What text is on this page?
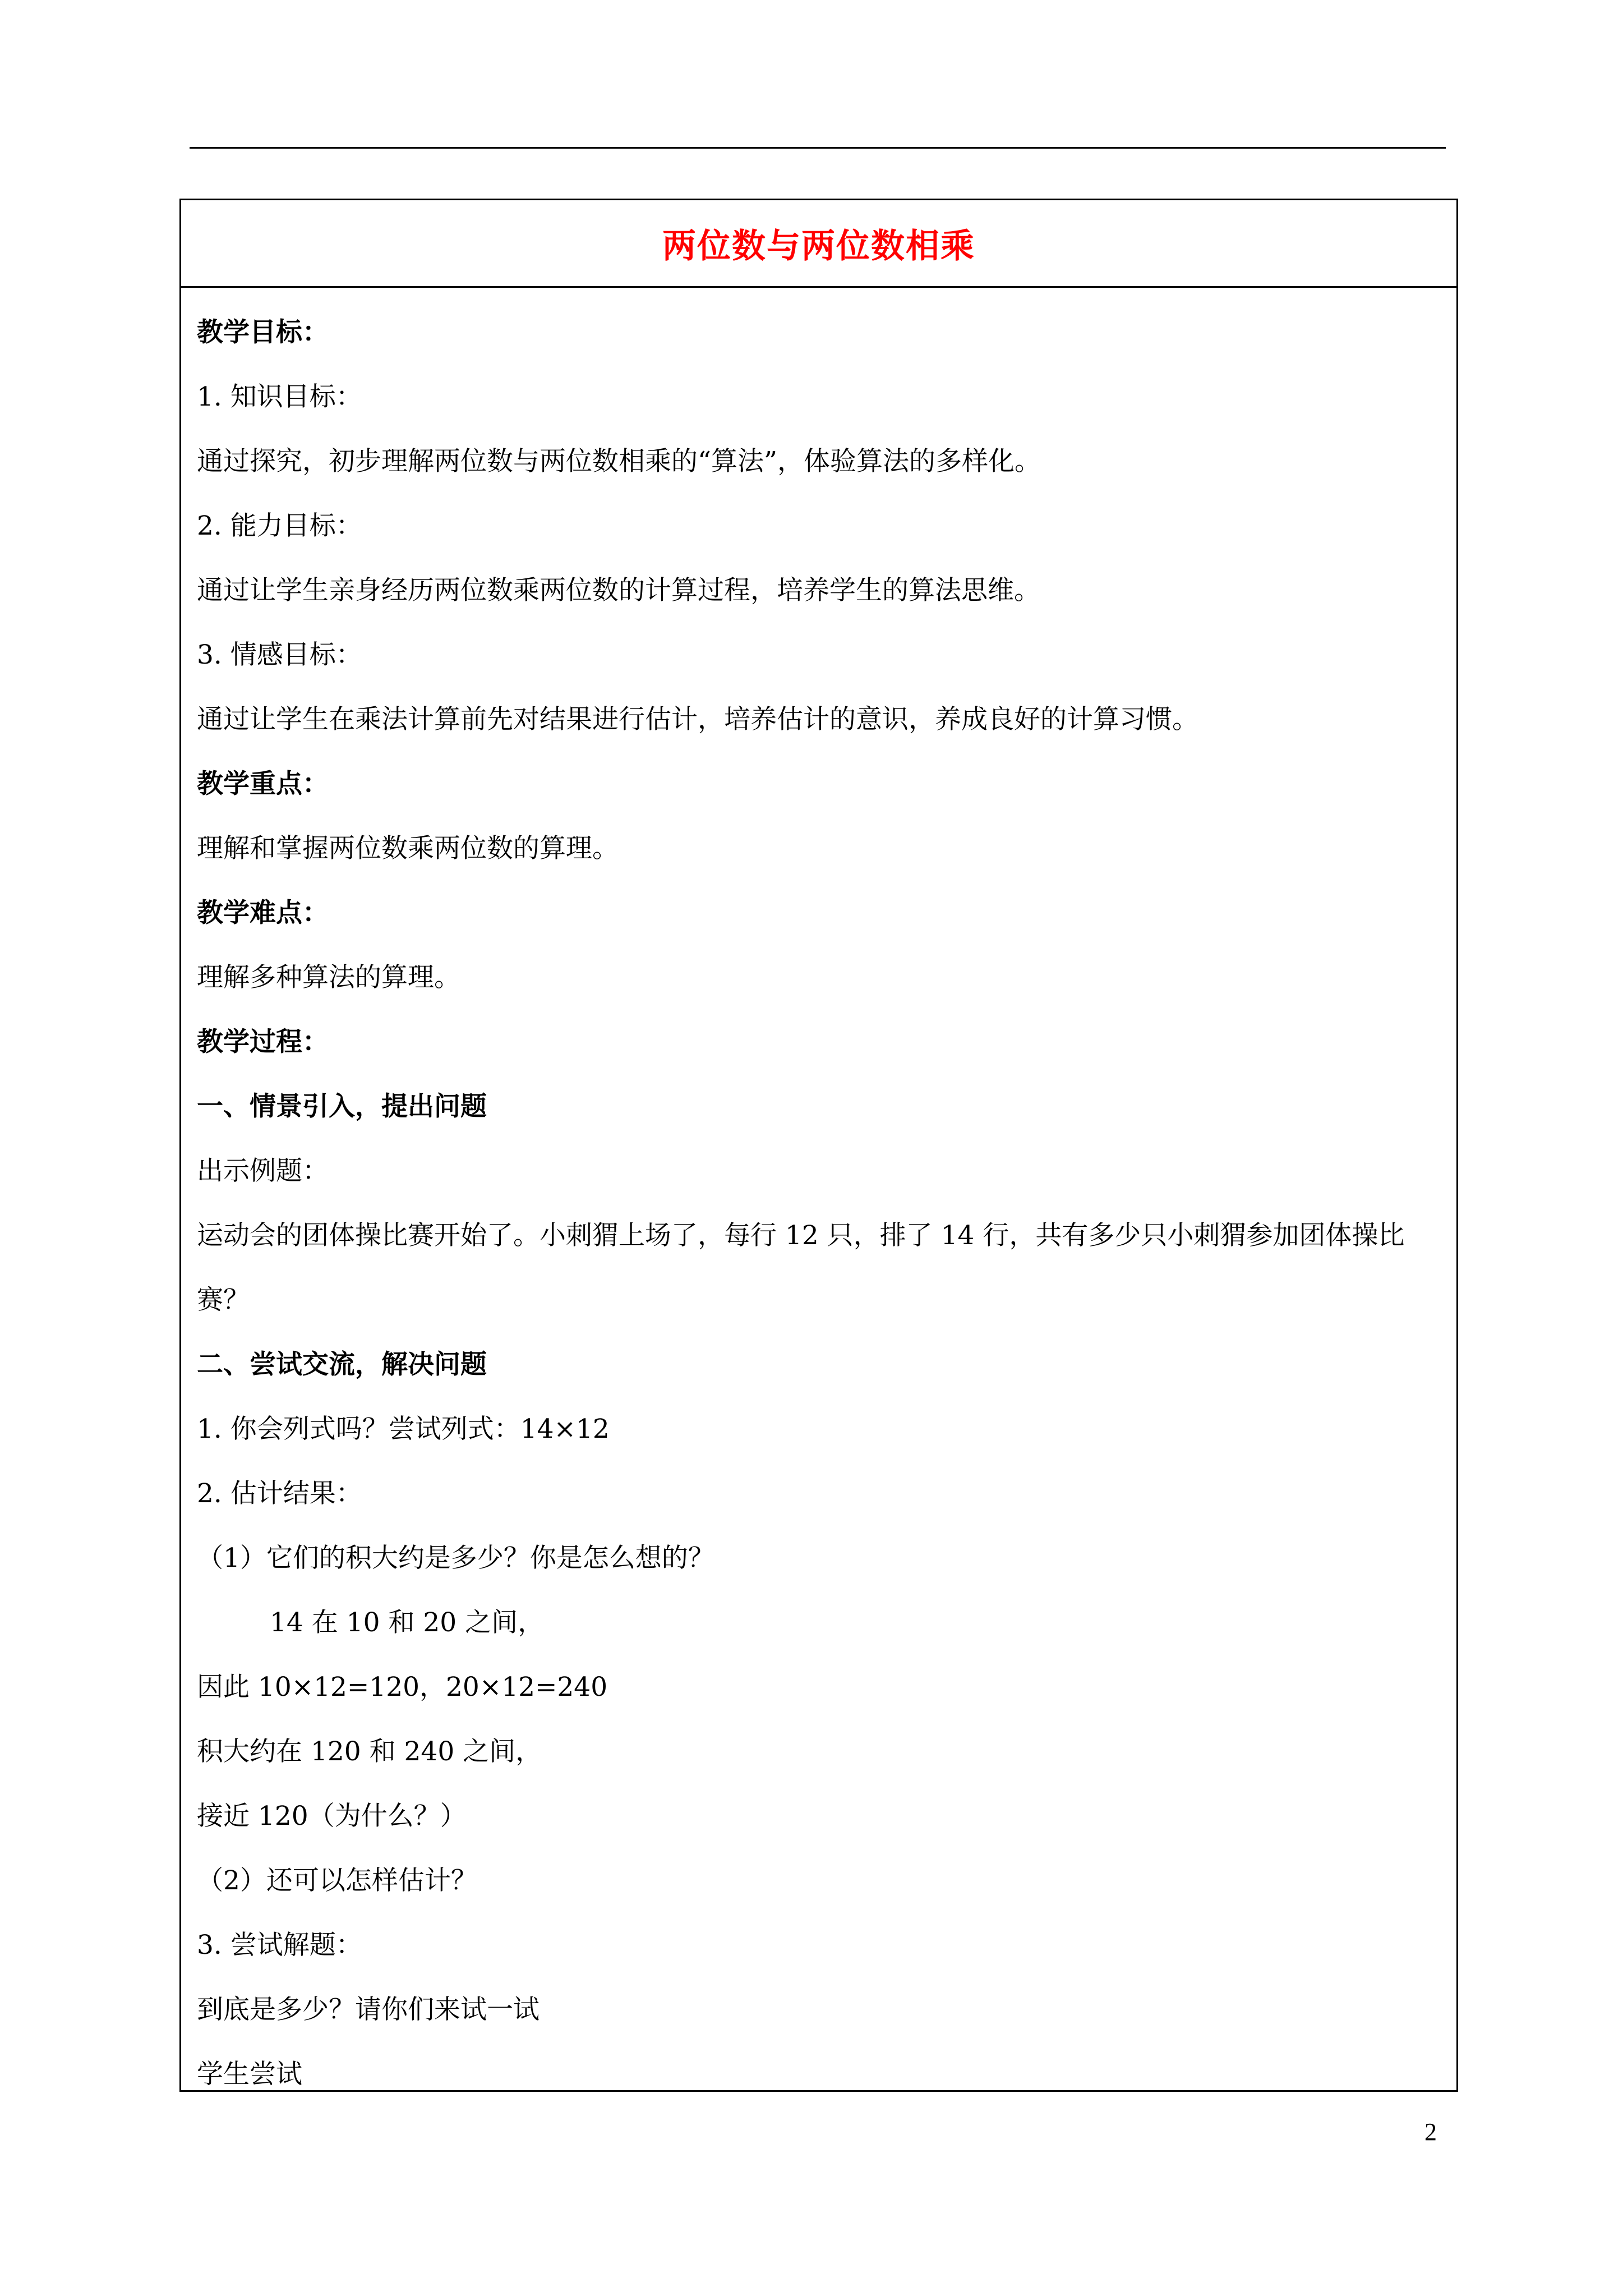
两位数与两位数相乘

教学目标：

1. 知识目标：

通过探究，初步理解两位数与两位数相乘的“算法”，体验算法的多样化。

2. 能力目标：

通过让学生亲身经历两位数乘两位数的计算过程，培养学生的算法思维。

3. 情感目标：

通过让学生在乘法计算前先对结果进行估计，培养估计的意识，养成良好的计算习惯。

教学重点：

理解和掌握两位数乘两位数的算理。

教学难点：

理解多种算法的算理。

教学过程：

一、情景引入，提出问题

出示例题：

运动会的团体操比赛开始了。小刺猬上场了，每行 12 只，排了 14 行，共有多少只小刺猬参加团体操比赛？

二、尝试交流，解决问题

1. 你会列式吗？尝试列式：14×12

2. 估计结果：

（1）它们的积大约是多少？你是怎么想的？

14 在 10 和 20 之间，

因此 10×12=120，20×12=240

积大约在 120 和 240 之间，

接近 120（为什么？）

（2）还可以怎样估计？

3. 尝试解题：

到底是多少？请你们来试一试

学生尝试

2
